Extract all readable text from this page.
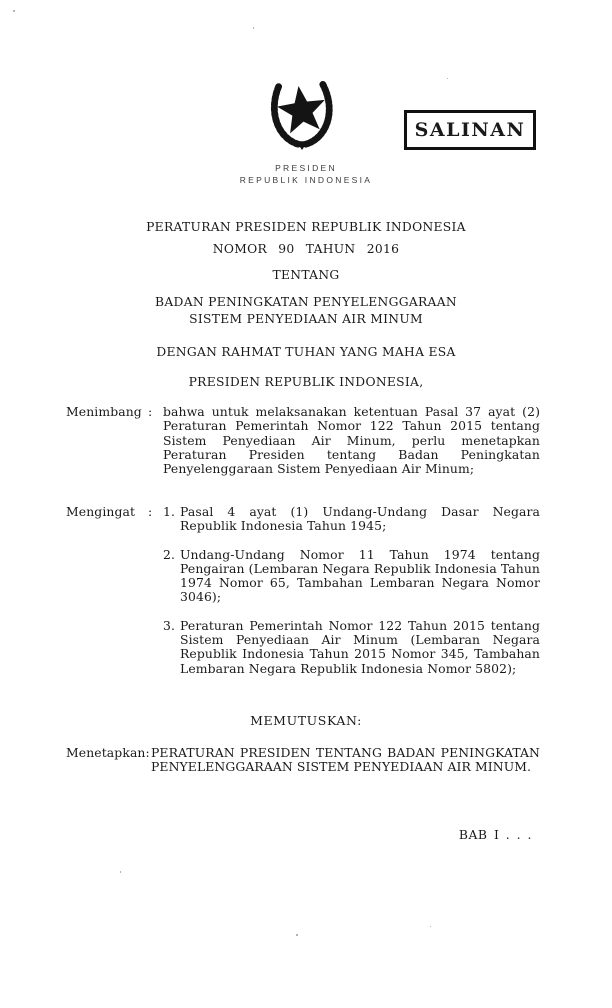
SALINAN
PRESIDEN
REPUBLIK INDONESIA
PERATURAN PRESIDEN REPUBLIK INDONESIA
NOMOR 90 TAHUN 2016
TENTANG
BADAN PENINGKATAN PENYELENGGARAAN
SISTEM PENYEDIAAN AIR MINUM
DENGAN RAHMAT TUHAN YANG MAHA ESA
PRESIDEN REPUBLIK INDONESIA,
Menimbang : bahwa untuk melaksanakan ketentuan Pasal 37 ayat (2) Peraturan Pemerintah Nomor 122 Tahun 2015 tentang Sistem Penyediaan Air Minum, perlu menetapkan Peraturan Presiden tentang Badan Peningkatan Penyelenggaraan Sistem Penyediaan Air Minum;

Mengingat	: 1. Pasal 4 ayat (1) Undang-Undang Dasar Negara Republik Indonesia Tahun 1945;

2. Undang-Undang Nomor 11 Tahun 1974 tentang Pengairan (Lembaran Negara Republik Indonesia Tahun 1974 Nomor 65, Tambahan Lembaran Negara Nomor 3046);

3. Peraturan Pemerintah Nomor 122 Tahun 2015 tentang Sistem Penyediaan Air Minum (Lembaran Negara Republik Indonesia Tahun 2015 Nomor 345, Tambahan Lembaran Negara Republik Indonesia Nomor 5802);

MEMUTUSKAN:
Menetapkan: PERATURAN PRESIDEN TENTANG BADAN PENINGKATAN PENYELENGGARAAN SISTEM PENYEDIAAN AIR MINUM.

BAB I . . .
